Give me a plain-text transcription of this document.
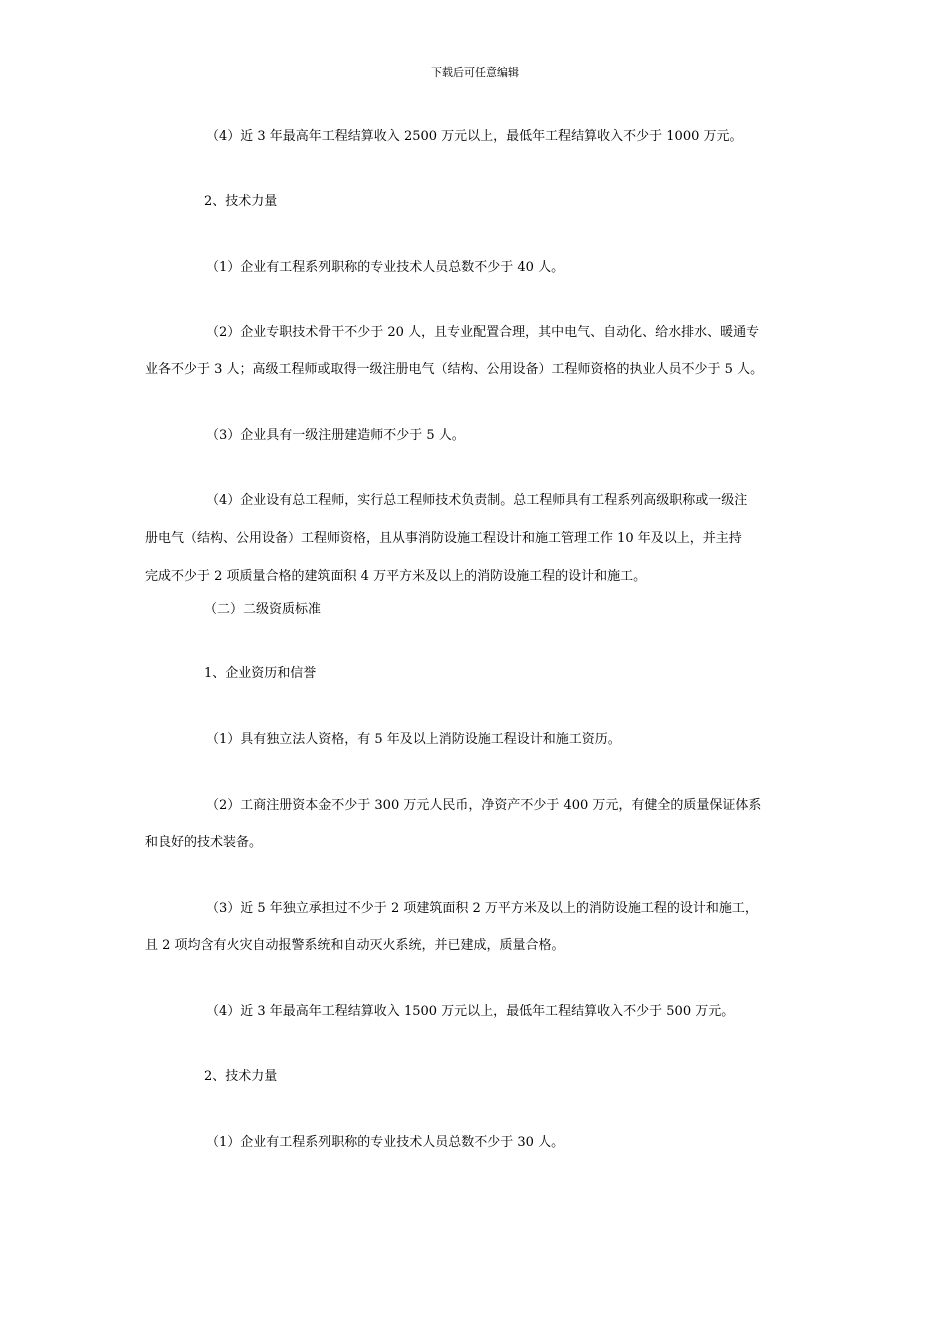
下载后可任意编辑
（4）近 3 年最高年工程结算收入 2500 万元以上，最低年工程结算收入不少于 1000 万元。
2、技术力量
（1）企业有工程系列职称的专业技术人员总数不少于 40 人。
（2）企业专职技术骨干不少于 20 人，且专业配置合理，其中电气、自动化、给水排水、暖通专
业各不少于 3 人；高级工程师或取得一级注册电气（结构、公用设备）工程师资格的执业人员不少于 5 人。
（3）企业具有一级注册建造师不少于 5 人。
（4）企业设有总工程师，实行总工程师技术负责制。总工程师具有工程系列高级职称或一级注
册电气（结构、公用设备）工程师资格，且从事消防设施工程设计和施工管理工作 10 年及以上，并主持
完成不少于 2 项质量合格的建筑面积 4 万平方米及以上的消防设施工程的设计和施工。
（二）二级资质标准
1、企业资历和信誉
（1）具有独立法人资格，有 5 年及以上消防设施工程设计和施工资历。
（2）工商注册资本金不少于 300 万元人民币，净资产不少于 400 万元，有健全的质量保证体系
和良好的技术装备。
（3）近 5 年独立承担过不少于 2 项建筑面积 2 万平方米及以上的消防设施工程的设计和施工，
且 2 项均含有火灾自动报警系统和自动灭火系统，并已建成，质量合格。
（4）近 3 年最高年工程结算收入 1500 万元以上，最低年工程结算收入不少于 500 万元。
2、技术力量
（1）企业有工程系列职称的专业技术人员总数不少于 30 人。
